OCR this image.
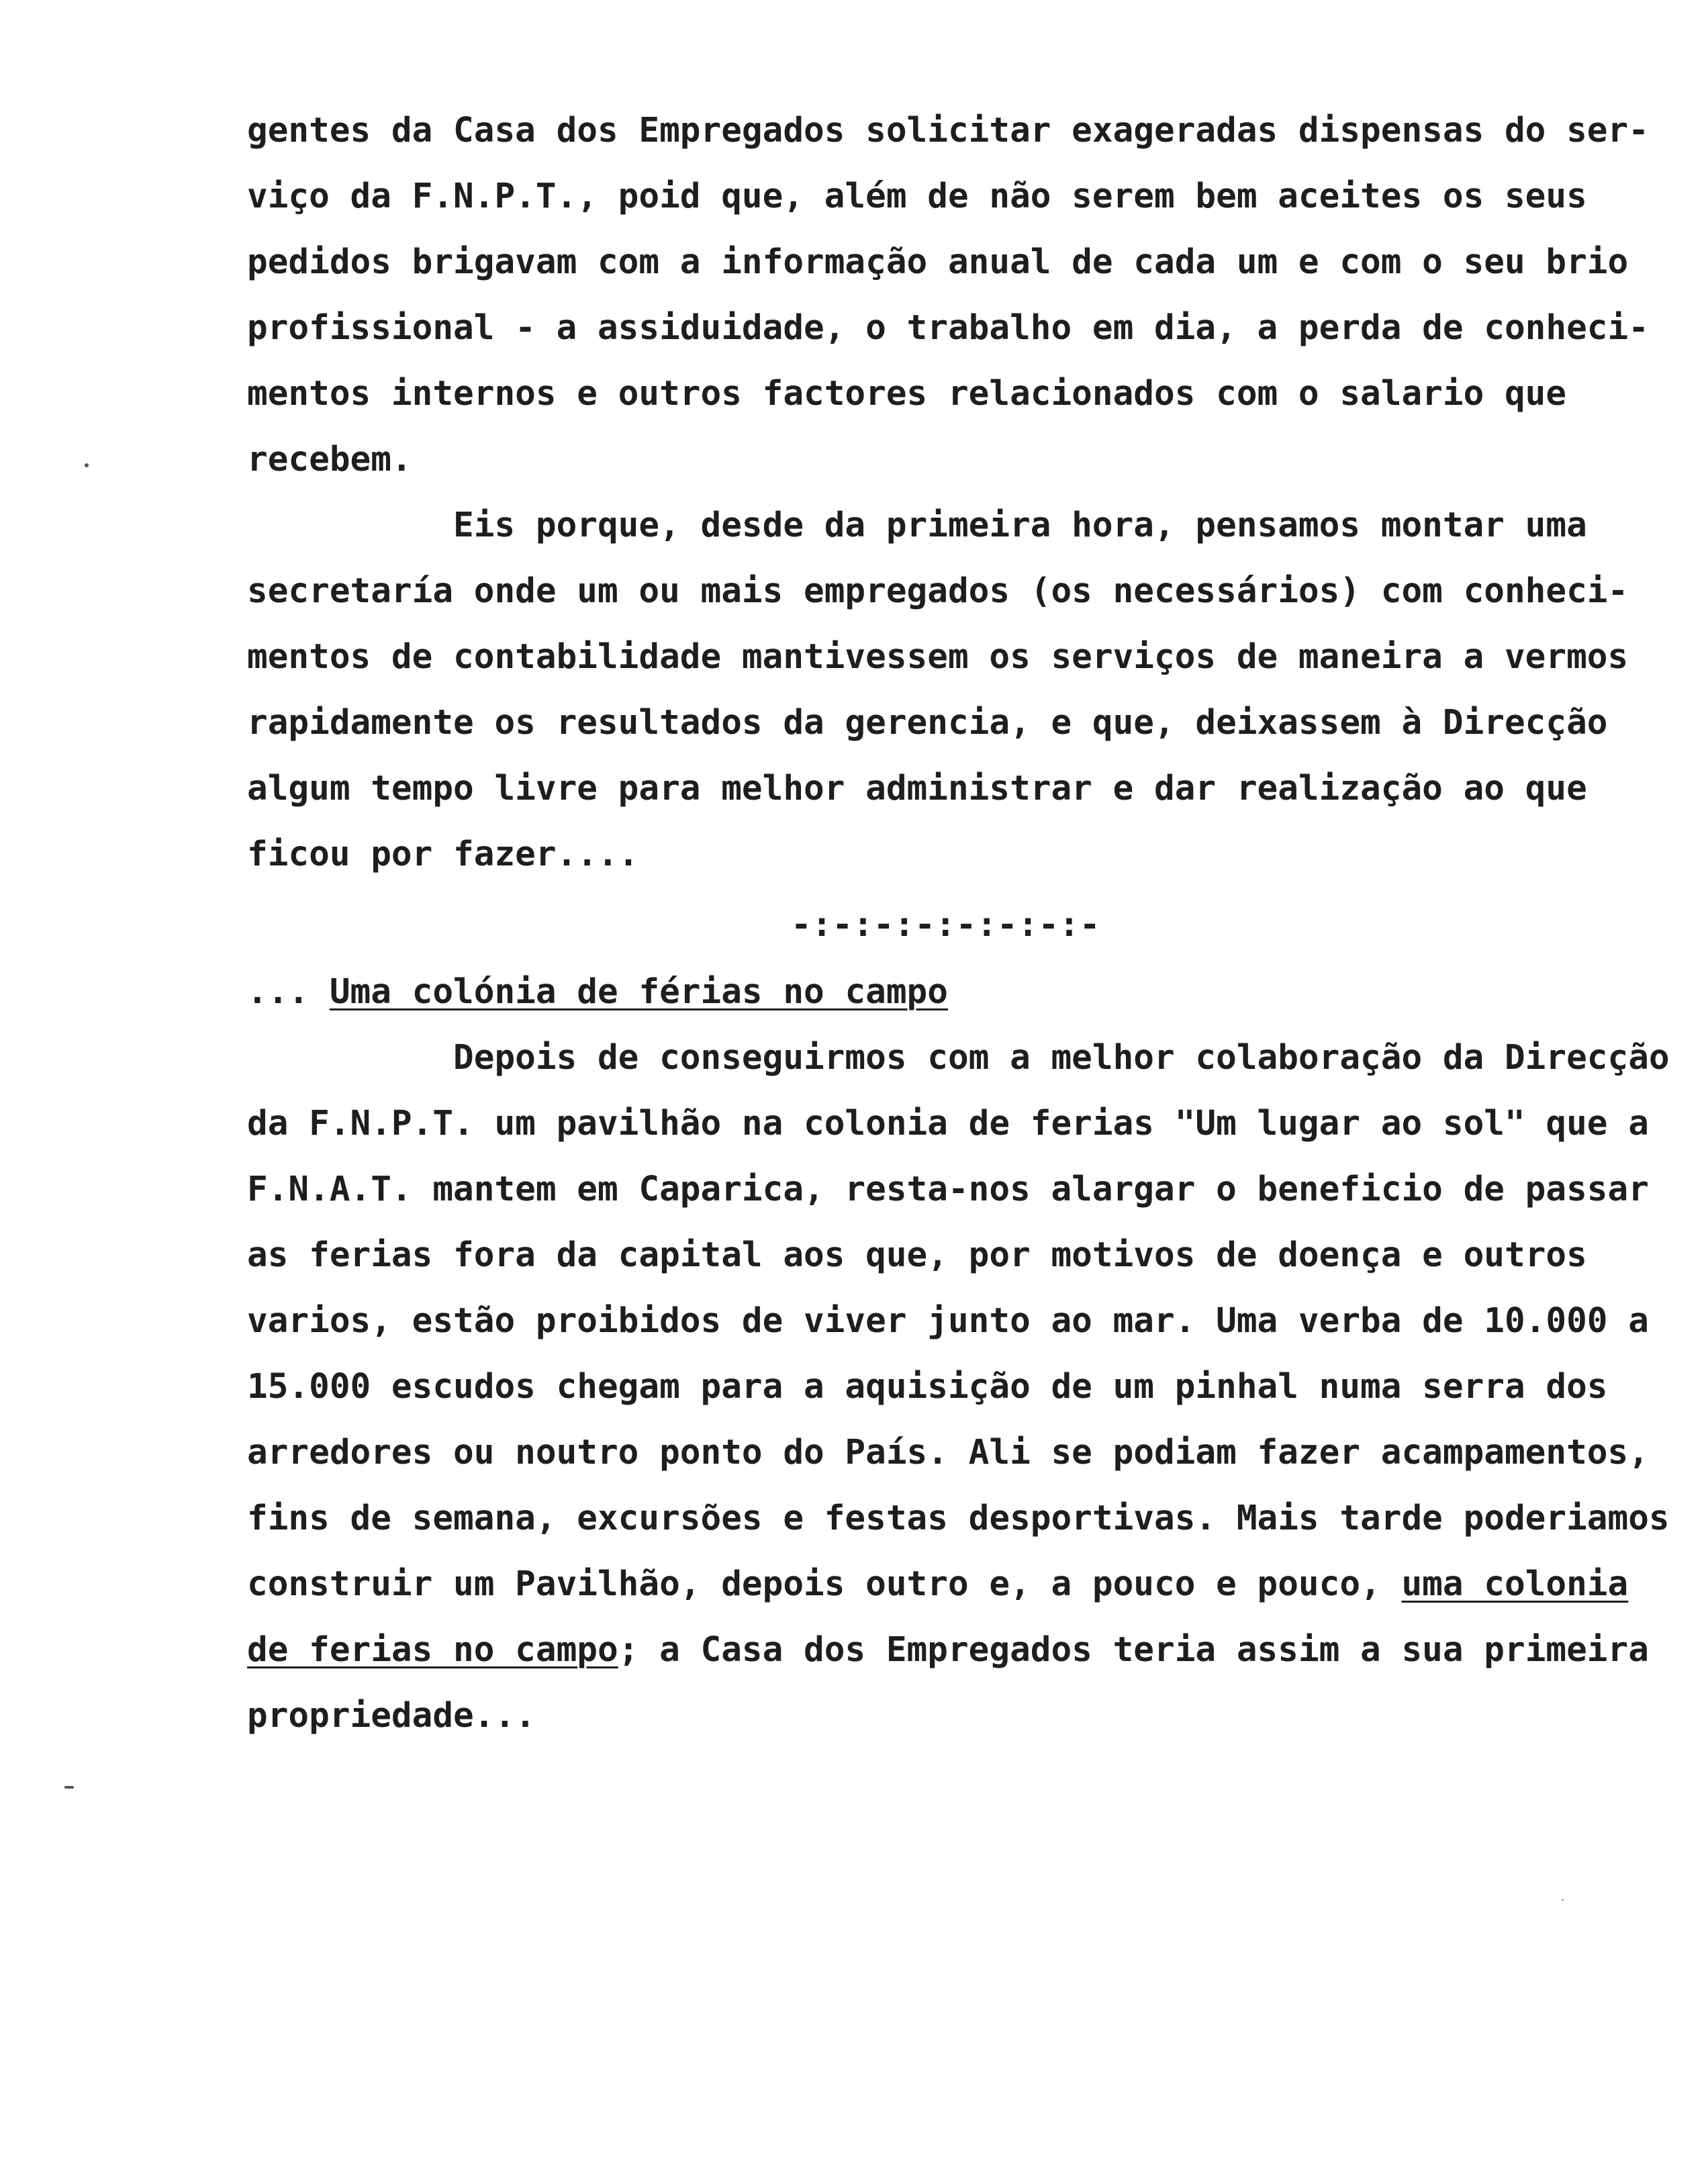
gentes da Casa dos Empregados solicitar exageradas dispensas do ser-
viço da F.N.P.T., poid que, além de não serem bem aceites os seus
pedidos brigavam com a informação anual de cada um e com o seu brio
profissional - a assiduidade, o trabalho em dia, a perda de conheci-
mentos internos e outros factores relacionados com o salario que
recebem.
Eis porque, desde da primeira hora, pensamos montar uma
secretaría onde um ou mais empregados (os necessários) com conheci-
mentos de contabilidade mantivessem os serviços de maneira a vermos
rapidamente os resultados da gerencia, e que, deixassem à Direcção
algum tempo livre para melhor administrar e dar realização ao que
ficou por fazer....
-:-:-:-:-:-:-:-
... Uma colónia de férias no campo
Depois de conseguirmos com a melhor colaboração da Direcção
da F.N.P.T. um pavilhão na colonia de ferias "Um lugar ao sol" que a
F.N.A.T. mantem em Caparica, resta-nos alargar o beneficio de passar
as ferias fora da capital aos que, por motivos de doença e outros
varios, estão proibidos de viver junto ao mar. Uma verba de 10.000 a
15.000 escudos chegam para a aquisição de um pinhal numa serra dos
arredores ou noutro ponto do País. Ali se podiam fazer acampamentos,
fins de semana, excursões e festas desportivas. Mais tarde poderiamos
construir um Pavilhão, depois outro e, a pouco e pouco, uma colonia
de ferias no campo; a Casa dos Empregados teria assim a sua primeira
propriedade...
